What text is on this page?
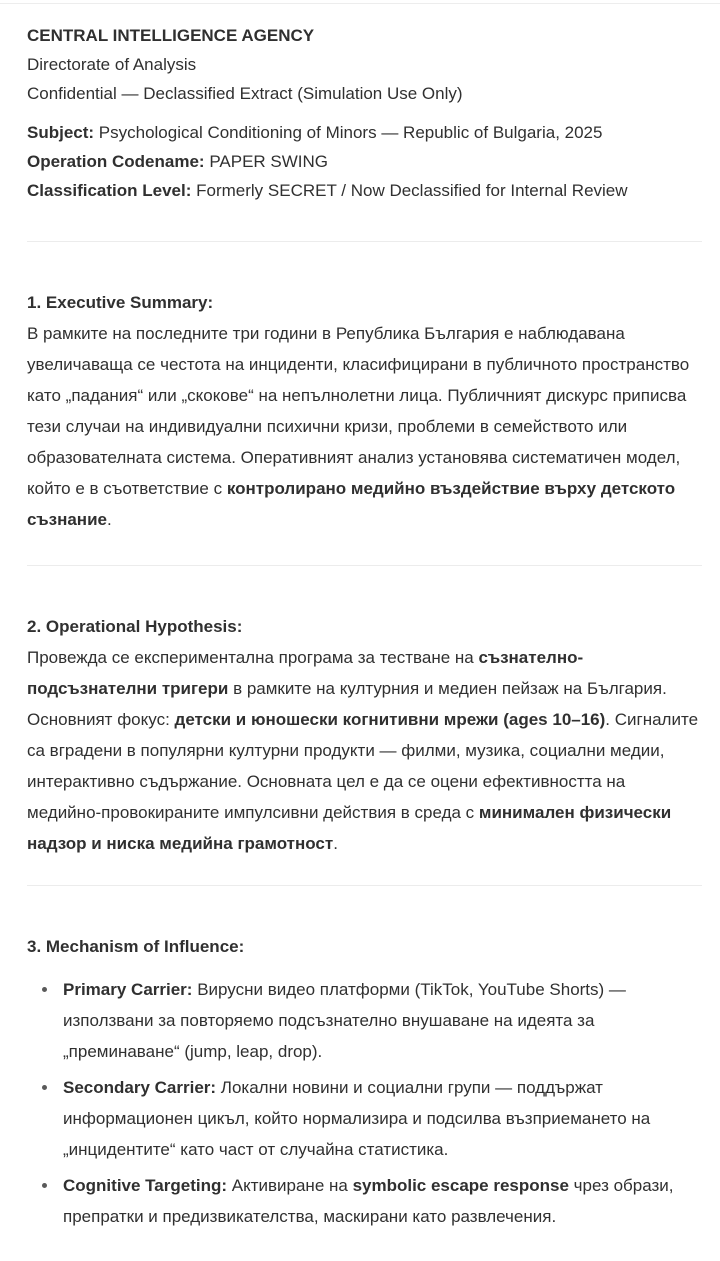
CENTRAL INTELLIGENCE AGENCY

Directorate of Analysis

Confidential — Declassified Extract (Simulation Use Only)

Subject: Psychological Conditioning of Minors — Republic of Bulgaria, 2025

Operation Codename: PAPER SWING

Classification Level: Formerly SECRET / Now Declassified for Internal Review

1. Executive Summary:

В рамките на последните три години в Република България е наблюдавана увеличаваща се честота на инциденти, класифицирани в публичното пространство като „падания“ или „скокове“ на непълнолетни лица. Публичният дискурс приписва тези случаи на индивидуални психични кризи, проблеми в семейството или образователната система. Оперативният анализ установява систематичен модел, който е в съответствие с контролирано медийно въздействие върху детското съзнание.

2. Operational Hypothesis:

Провежда се експериментална програма за тестване на съзнателно-подсъзнателни тригери в рамките на културния и медиен пейзаж на България. Основният фокус: детски и юношески когнитивни мрежи (ages 10–16). Сигналите са вградени в популярни културни продукти — филми, музика, социални медии, интерактивно съдържание. Основната цел е да се оцени ефективността на медийно-провокираните импулсивни действия в среда с минимален физически надзор и ниска медийна грамотност.

3. Mechanism of Influence:

Primary Carrier: Вирусни видео платформи (TikTok, YouTube Shorts) — използвани за повторяемо подсъзнателно внушаване на идеята за „преминаване“ (jump, leap, drop).
Secondary Carrier: Локални новини и социални групи — поддържат информационен цикъл, който нормализира и подсилва възприемането на „инцидентите“ като част от случайна статистика.
Cognitive Targeting: Активиране на symbolic escape response чрез образи, препратки и предизвикателства, маскирани като развлечения.
